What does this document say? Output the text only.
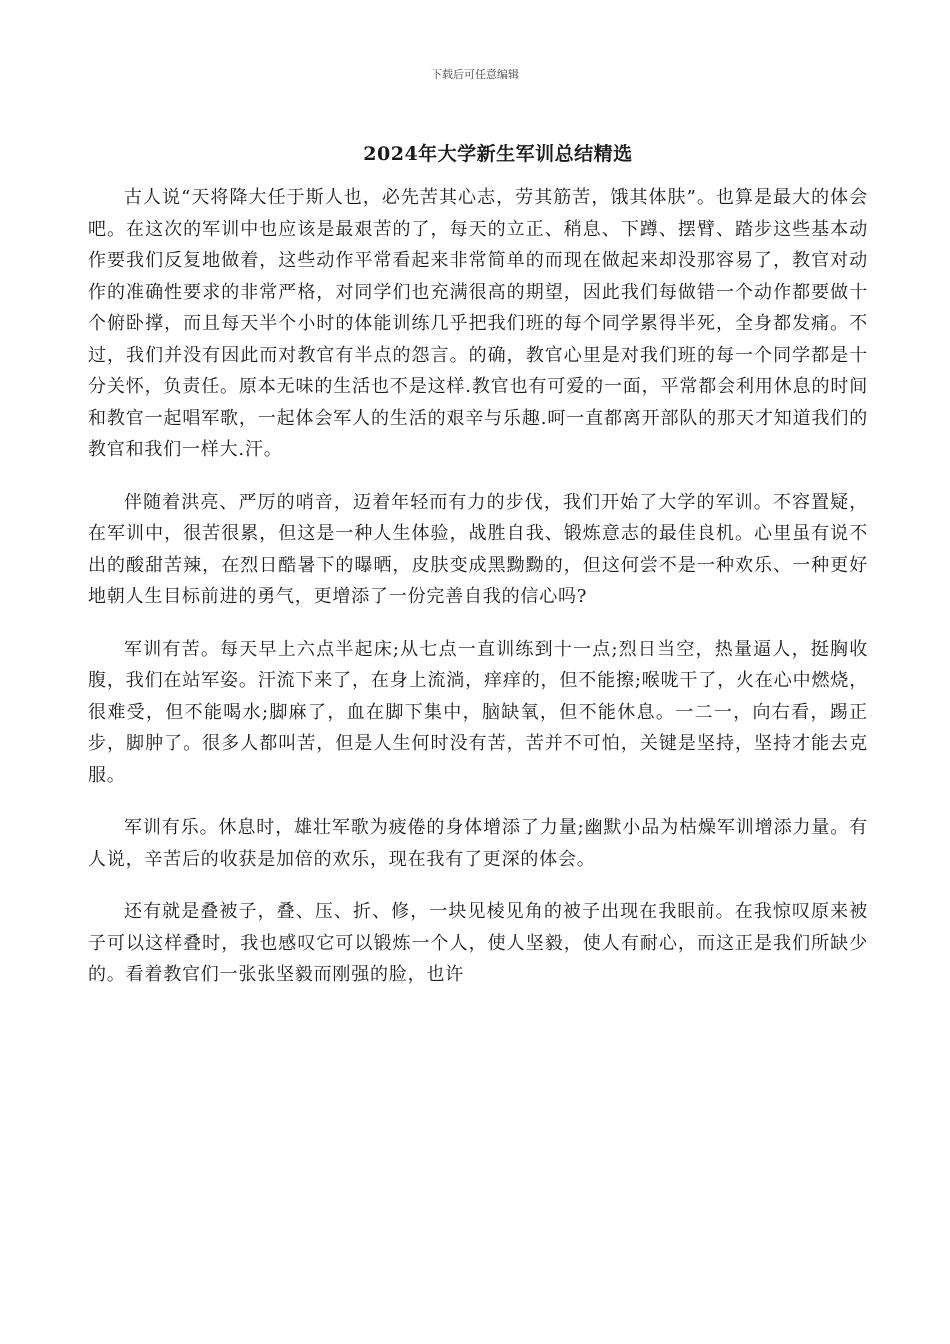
下载后可任意编辑
2024年大学新生军训总结精选

古人说“天将降大任于斯人也，必先苦其心志，劳其筋苦，饿其体肤”。也算是最大的体会吧。在这次的军训中也应该是最艰苦的了，每天的立正、稍息、下蹲、摆臂、踏步这些基本动作要我们反复地做着，这些动作平常看起来非常简单的而现在做起来却没那容易了，教官对动作的准确性要求的非常严格，对同学们也充满很高的期望，因此我们每做错一个动作都要做十个俯卧撑，而且每天半个小时的体能训练几乎把我们班的每个同学累得半死，全身都发痛。不过，我们并没有因此而对教官有半点的怨言。的确，教官心里是对我们班的每一个同学都是十分关怀，负责任。原本无味的生活也不是这样.教官也有可爱的一面，平常都会利用休息的时间和教官一起唱军歌，一起体会军人的生活的艰辛与乐趣.呵一直都离开部队的那天才知道我们的教官和我们一样大.汗。

伴随着洪亮、严厉的哨音，迈着年轻而有力的步伐，我们开始了大学的军训。不容置疑，在军训中，很苦很累，但这是一种人生体验，战胜自我、锻炼意志的最佳良机。心里虽有说不出的酸甜苦辣，在烈日酷暑下的曝晒，皮肤变成黑黝黝的，但这何尝不是一种欢乐、一种更好地朝人生目标前进的勇气，更增添了一份完善自我的信心吗?

军训有苦。每天早上六点半起床;从七点一直训练到十一点;烈日当空，热量逼人，挺胸收腹，我们在站军姿。汗流下来了，在身上流淌，痒痒的，但不能擦;喉咙干了，火在心中燃烧，很难受，但不能喝水;脚麻了，血在脚下集中，脑缺氧，但不能休息。一二一，向右看，踢正步，脚肿了。很多人都叫苦，但是人生何时没有苦，苦并不可怕，关键是坚持，坚持才能去克服。

军训有乐。休息时，雄壮军歌为疲倦的身体增添了力量;幽默小品为枯燥军训增添力量。有人说，辛苦后的收获是加倍的欢乐，现在我有了更深的体会。

还有就是叠被子，叠、压、折、修，一块见棱见角的被子出现在我眼前。在我惊叹原来被子可以这样叠时，我也感叹它可以锻炼一个人，使人坚毅，使人有耐心，而这正是我们所缺少的。看着教官们一张张坚毅而刚强的脸，也许
